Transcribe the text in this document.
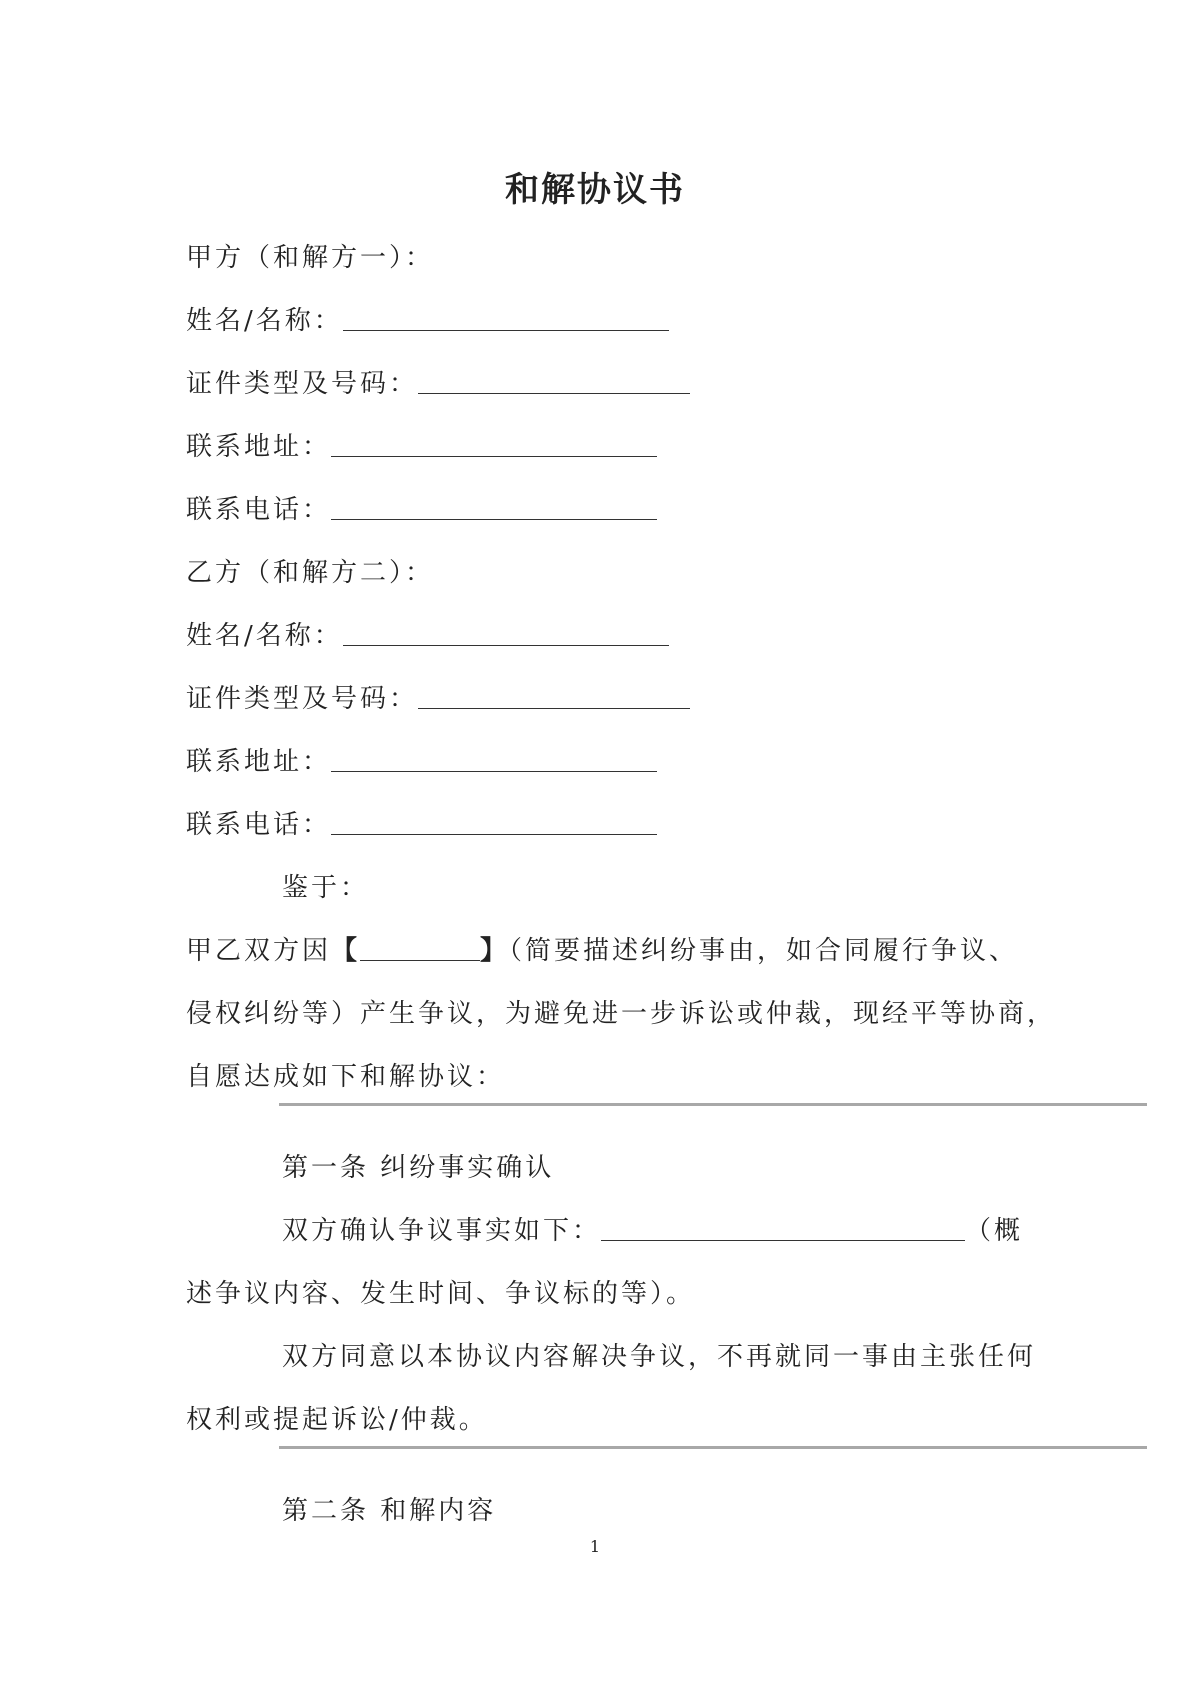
和解协议书
甲方（和解方一）：
姓名/名称：
证件类型及号码：
联系地址：
联系电话：
乙方（和解方二）：
姓名/名称：
证件类型及号码：
联系地址：
联系电话：
鉴于：
甲乙双方因【	】（简要描述纠纷事由，如合同履行争议、
侵权纠纷等）产生争议，为避免进一步诉讼或仲裁，现经平等协商，
自愿达成如下和解协议：
第一条 纠纷事实确认
双方确认争议事实如下：	（概
述争议内容、发生时间、争议标的等）。
双方同意以本协议内容解决争议，不再就同一事由主张任何
权利或提起诉讼/仲裁。
第二条 和解内容
1
